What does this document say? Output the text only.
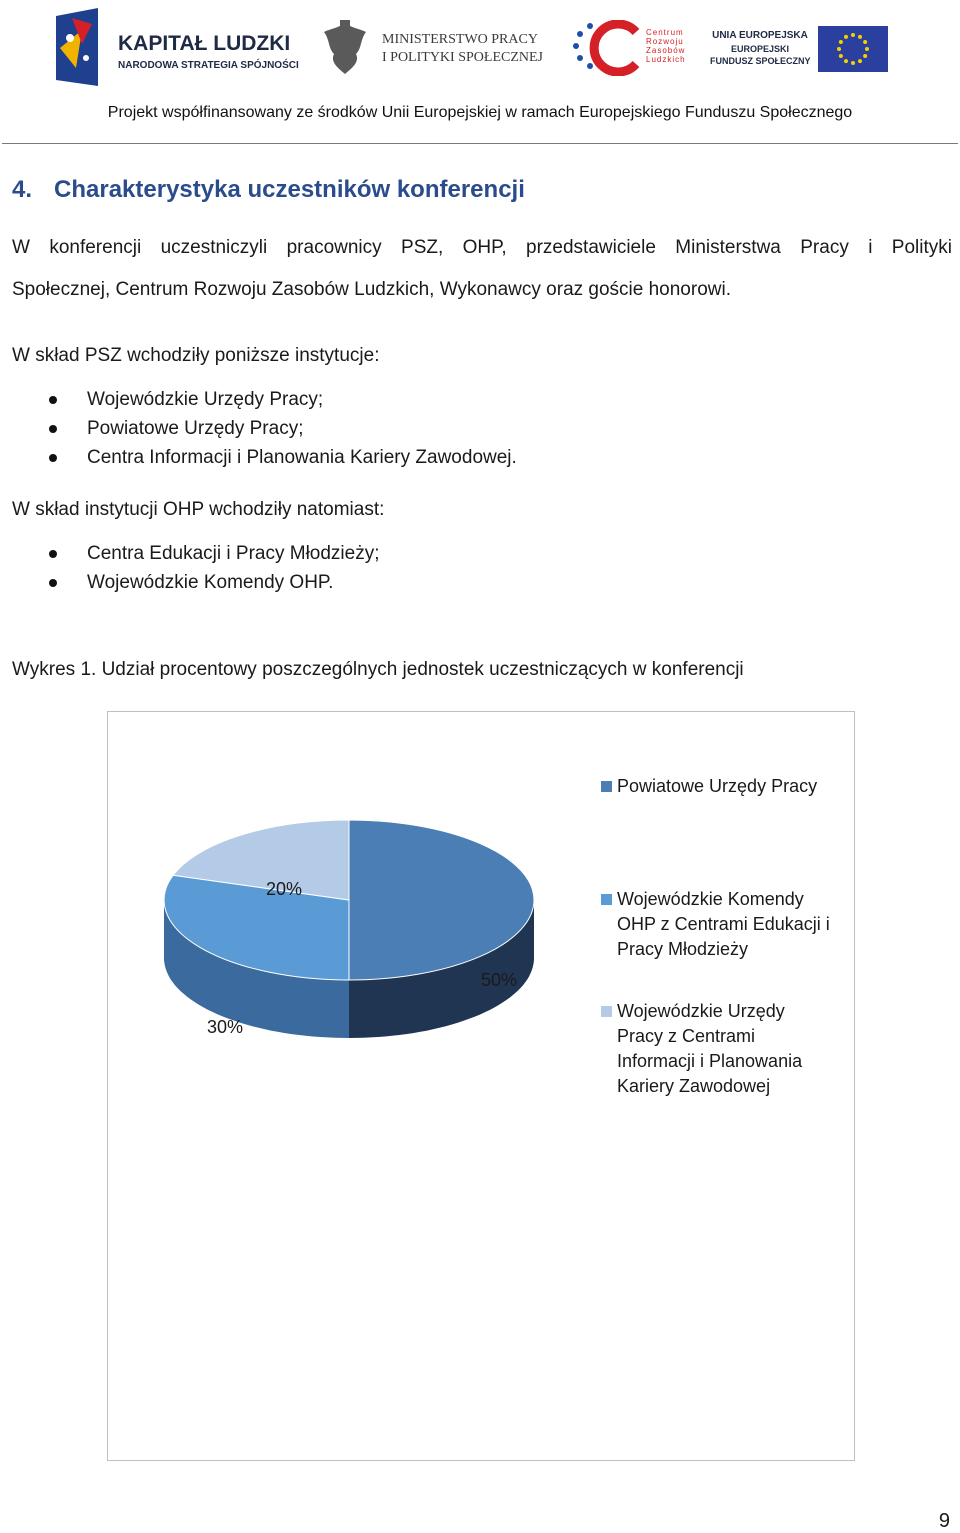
KAPITAŁ LUDZKI
NARODOWA STRATEGIA SPÓJNOŚCI
MINISTERSTWO PRACY
I POLITYKI SPOŁECZNEJ
Centrum
Rozwoju
Zasobów
Ludzkich
UNIA EUROPEJSKA
EUROPEJSKI
FUNDUSZ SPOŁECZNY
Projekt współfinansowany ze środków Unii Europejskiej w ramach Europejskiego Funduszu Społecznego
4. Charakterystyka uczestników konferencji
W konferencji uczestniczyli pracownicy PSZ, OHP, przedstawiciele Ministerstwa Pracy i Polityki
Społecznej, Centrum Rozwoju Zasobów Ludzkich, Wykonawcy oraz goście honorowi.
W skład PSZ wchodziły poniższe instytucje:
Wojewódzkie Urzędy Pracy;
Powiatowe Urzędy Pracy;
Centra Informacji i Planowania Kariery Zawodowej.
W skład instytucji OHP wchodziły natomiast:
Centra Edukacji i Pracy Młodzieży;
Wojewódzkie Komendy OHP.
Wykres 1. Udział procentowy poszczególnych jednostek uczestniczących w konferencji
50%
30%
20%
Powiatowe Urzędy Pracy
Wojewódzkie Komendy
OHP z Centrami Edukacji i
Pracy Młodzieży
Wojewódzkie Urzędy
Pracy z Centrami
Informacji i Planowania
Kariery Zawodowej
9
